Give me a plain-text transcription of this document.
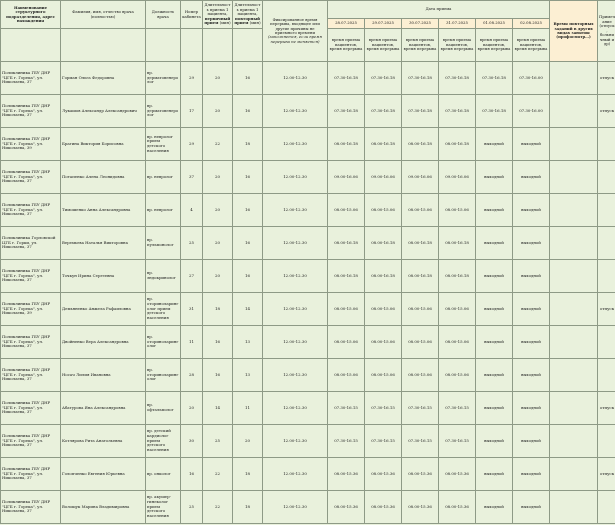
Наименование структурного подразделения, адрес нахождения	Фамилия, имя, отчество врача (полностью)	Должность врача	Номер кабинета	Длительность приема 1 пациента, первичный прием (мин)	Длительность приема 1 пациента, повторный прием (мин)	Фиксированное время перерыва, входящее или другие причины не приемного времени
(заполняется, если время перерыва не меняется)	Дата приема						Время повторных заданий в других видах занятия (профосмотр…)	Примечание (отпуск, больничный и др)
							28.07.2025	29.07.2025	30.07.2025	31.07.2025	01.08.2025	02.08.2025		
							время приема пациентов, время перерыва	время приема пациентов, время перерыва	время приема пациентов, время перерыва	время приема пациентов, время перерыва	время приема пациентов, время перерыва	время приема пациентов, время перерыва		
Поликлиника ГБУ ДНР "ЦГБ г. Горека", ул. Николаева, 37	Горман Ольга Федоровна	вр. дерматовенеролог	29	20	16	12.00-12.30	07.30-16.18	07.30-16.18	07.30-16.18	07.30-16.18	07.30-16.18	07.30-16.00		отпуск
Поликлиника ГБУ ДНР "ЦГБ г. Горека", ул. Николаева, 37	Лукашов Александр Александрович	вр. дерматовенеролог	17	20	16	12.00-12.30	07.30-16.18	07.30-16.18	07.30-16.18	07.30-16.18	07.30-16.18	07.30-16.00		отпуск
Поликлиника ГБУ ДНР "ЦГБ г. Горека", ул. Николаева, 39	Брагина Виктория Борисовна	вр. невролог прием детского населения	29	22	18	12.00-12.30	08.00-16.18	08.00-16.18	08.00-16.18	08.00-16.18	выходной	выходной		
Поликлиника ГБУ ДНР "ЦГБ г. Горека", ул. Николаева, 37	Потапенко Алена Леонидовна	вр. невролог	37	20	16	12.00-12.30	09.00-16.06	09.00-16.06	09.00-16.06	09.00-16.06	выходной	выходной		
Поликлиника ГБУ ДНР "ЦГБ г. Горека", ул. Николаева, 37	Тимошенко Анна Александровна	вр. невролог	4	20	16	12.00-12.30	08.00-15.06	08.00-15.06	08.00-15.06	08.00-15.06	выходной	выходной		
Поликлиника Горловской ЦГБ г. Горки, ул. Николаева, 37	Веремьева Наталья Викторовна	вр. пульмонолог	25	20	16	12.00-12.30	08.00-16.18	08.00-16.18	08.00-16.18	08.00-16.18	выходной	выходной		
Поликлиника ГБУ ДНР "ЦГБ г. Горека", ул. Николаева, 37	Точкун Ирина Сергеевна	вр. эндокринолог	27	20	16	12.00-12.30	08.00-16.18	08.00-16.18	08.00-16.18	08.00-16.18	выходной	выходной		
Поликлиника ГБУ ДНР "ЦГБ г. Горека", ул. Николаева, 39	Демьяненко Анжела Рафаиловна	вр. оториноларинголог прием детского населения	31	18	14	12.00-12.30	08.00-15.06	08.00-15.06	08.00-15.06	08.00-15.06	выходной	выходной		отпуск
Поликлиника ГБУ ДНР "ЦГБ г. Горека", ул. Николаева, 37	Двойненко Вера Александровна	вр. оториноларинголог	11	16	13	12.00-12.30	08.00-15.06	08.00-15.06	08.00-15.06	08.00-15.06	выходной	выходной		
Поликлиника ГБУ ДНР "ЦГБ г. Горека", ул. Николаева, 37	Носач Лилия Ивановна	вр. оториноларинголог	28	16	13	12.00-12.30	08.00-15.06	08.00-15.06	08.00-15.06	08.00-15.06	выходной	выходной		
Поликлиника ГБУ ДНР "ЦГБ г. Горека", ул. Николаева, 37	Абатурова Яна Александровна	вр. офтальмолог	20	14	11	12.00-12.30	07.30-16.15	07.30-16.15	07.30-16.15	07.30-16.15	выходной	выходной		отпуск
Поликлиника ГБУ ДНР "ЦГБ г. Горека", ул. Николаева, 37	Котлярова Рита Анатольевна	вр. детский кардиолог прием детского населения	30	25	20	12.00-12.30	07.30-16.15	07.30-16.15	07.30-16.15	07.30-16.15	выходной	выходной		
Поликлиника ГБУ ДНР "ЦГБ г. Горека", ул. Николаева, 37	Голопченко Евгения Юрьевна	вр. онколог	16	22	18	12.00-12.30	08.00-15.36	08.00-15.36	08.00-15.36	08.00-15.36	выходной	выходной		отпуск
Поликлиника ГБУ ДНР "ЦГБ г. Горека", ул. Николаева, 37	Волощук Марина Владимировна	вр. акушер-гинеколог прием детского населения	25	22	18	12.00-12.30	08.00-15.36	08.00-15.36	08.00-15.36	08.00-15.36	выходной	выходной		
